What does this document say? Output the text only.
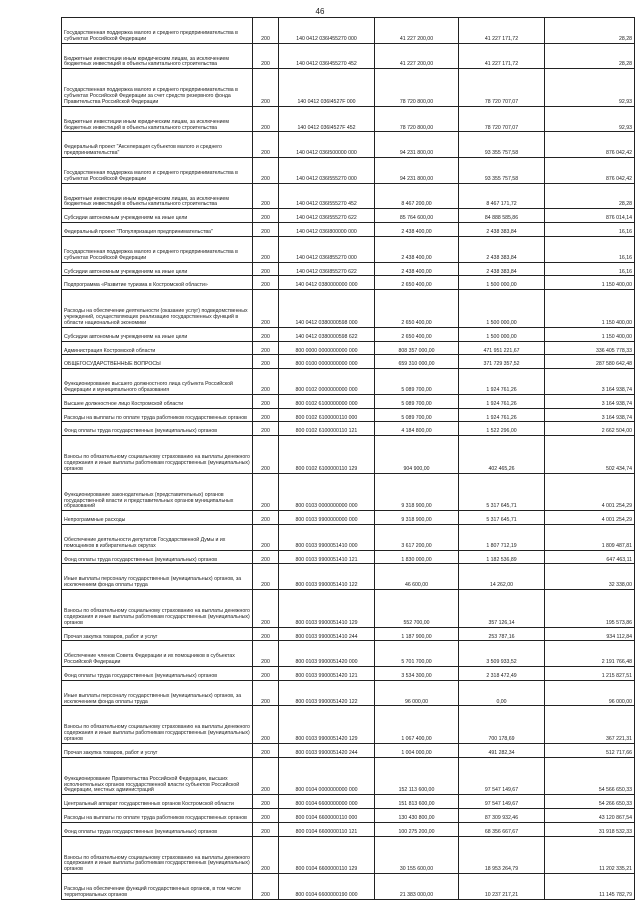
46
Государственная поддержка малого и среднего предпринимательства в субъектах Российской Федерации	200	140 0412 036I455270 000	41 227 200,00	41 227 171,72	28,28
Бюджетные инвестиции иным юридическим лицам, за исключением бюджетных инвестиций в объекты капитального строительства	200	140 0412 036I455270 452	41 227 200,00	41 227 171,72	28,28
Государственная поддержка малого и среднего предпринимательства в субъектах Российской Федерации за счет средств резервного фонда Правительства Российской Федерации	200	140 0412 036I4527F 000	78 720 800,00	78 720 707,07	92,93
Бюджетные инвестиции иным юридическим лицам, за исключением бюджетных инвестиций в объекты капитального строительства	200	140 0412 036I4527F 452	78 720 800,00	78 720 707,07	92,93
Федеральный проект "Акселерация субъектов малого и среднего предпринимательства"	200	140 0412 036I500000 000	94 231 800,00	93 355 757,58	876 042,42
Государственная поддержка малого и среднего предпринимательства в субъектах Российской Федерации	200	140 0412 036I555270 000	94 231 800,00	93 355 757,58	876 042,42
Бюджетные инвестиции иным юридическим лицам, за исключением бюджетных инвестиций в объекты капитального строительства	200	140 0412 036I555270 452	8 467 200,00	8 467 171,72	28,28
Субсидии автономным учреждениям на иные цели	200	140 0412 036I555270 622	85 764 600,00	84 888 585,86	876 014,14
Федеральный проект "Популяризация предпринимательства"	200	140 0412 036I800000 000	2 438 400,00	2 438 383,84	16,16
Государственная поддержка малого и среднего предпринимательства в субъектах Российской Федерации	200	140 0412 036I855270 000	2 438 400,00	2 438 383,84	16,16
Субсидии автономным учреждениям на иные цели	200	140 0412 036I855270 622	2 438 400,00	2 438 383,84	16,16
Подпрограмма «Развитие туризма в Костромской области»	200	140 0412 0380000000 000	2 650 400,00	1 500 000,00	1 150 400,00
Расходы на обеспечение деятельности (оказание услуг) подведомственных учреждений, осуществляющих реализацию государственных функций в области национальной экономики	200	140 0412 0380000598 000	2 650 400,00	1 500 000,00	1 150 400,00
Субсидии автономным учреждениям на иные цели	200	140 0412 0380000598 622	2 650 400,00	1 500 000,00	1 150 400,00
Администрация Костромской области	200	800 0000 0000000000 000	808 357 000,00	471 951 221,67	336 405 778,33
ОБЩЕГОСУДАРСТВЕННЫЕ ВОПРОСЫ	200	800 0100 0000000000 000	659 310 000,00	371 729 357,52	287 580 642,48
Функционирование высшего должностного лица субъекта Российской Федерации и муниципального образования	200	800 0102 0000000000 000	5 089 700,00	1 924 761,26	3 164 938,74
Высшее должностное лицо Костромской области	200	800 0102 6100000000 000	5 089 700,00	1 924 761,26	3 164 938,74
Расходы на выплаты по оплате труда работников государственных органов	200	800 0102 6100000110 000	5 089 700,00	1 924 761,26	3 164 938,74
Фонд оплаты труда государственных (муниципальных) органов	200	800 0102 6100000110 121	4 184 800,00	1 522 296,00	2 662 504,00
Взносы по обязательному социальному страхованию на выплаты денежного содержания и иные выплаты работникам государственных (муниципальных) органов	200	800 0102 6100000110 129	904 900,00	402 465,26	502 434,74
Функционирование законодательных (представительных) органов государственной власти и представительных органов муниципальных образований	200	800 0103 0000000000 000	9 318 900,00	5 317 645,71	4 001 254,29
Непрограммные расходы	200	800 0103 9900000000 000	9 318 900,00	5 317 645,71	4 001 254,29
Обеспечение деятельности депутатов Государственной Думы и их помощников в избирательных округах	200	800 0103 9900051410 000	3 617 200,00	1 807 712,19	1 809 487,81
Фонд оплаты труда государственных (муниципальных) органов	200	800 0103 9900051410 121	1 830 000,00	1 182 536,89	647 463,11
Иные выплаты персоналу государственных (муниципальных) органов, за исключением фонда оплаты труда	200	800 0103 9900051410 122	46 600,00	14 262,00	32 338,00
Взносы по обязательному социальному страхованию на выплаты денежного содержания и иные выплаты работникам государственных (муниципальных) органов	200	800 0103 9900051410 129	552 700,00	357 126,14	195 573,86
Прочая закупка товаров, работ и услуг	200	800 0103 9900051410 244	1 187 900,00	253 787,16	934 112,84
Обеспечение членов Совета Федерации и их помощников в субъектах Российской Федерации	200	800 0103 9900051420 000	5 701 700,00	3 509 933,52	2 191 766,48
Фонд оплаты труда государственных (муниципальных) органов	200	800 0103 9900051420 121	3 534 300,00	2 318 472,49	1 215 827,51
Иные выплаты персоналу государственных (муниципальных) органов, за исключением фонда оплаты труда	200	800 0103 9900051420 122	96 000,00	0,00	96 000,00
Взносы по обязательному социальному страхованию на выплаты денежного содержания и иные выплаты работникам государственных (муниципальных) органов	200	800 0103 9900051420 129	1 067 400,00	700 178,69	367 221,31
Прочая закупка товаров, работ и услуг	200	800 0103 9900051420 244	1 004 000,00	491 282,34	512 717,66
Функционирование Правительства Российской Федерации, высших исполнительных органов государственной власти субъектов Российской Федерации, местных администраций	200	800 0104 0000000000 000	152 113 600,00	97 547 149,67	54 566 650,33
Центральный аппарат государственных органов Костромской области	200	800 0104 6600000000 000	151 813 600,00	97 547 149,67	54 266 650,33
Расходы на выплаты по оплате труда работников государственных органов	200	800 0104 6600000110 000	130 430 800,00	87 309 932,46	43 120 867,54
Фонд оплаты труда государственных (муниципальных) органов	200	800 0104 6600000110 121	100 275 200,00	68 356 667,67	31 918 532,33
Взносы по обязательному социальному страхованию на выплаты денежного содержания и иные выплаты работникам государственных (муниципальных) органов	200	800 0104 6600000110 129	30 155 600,00	18 953 264,79	11 202 335,21
Расходы на обеспечение функций государственных органов, в том числе территориальных органов	200	800 0104 6600000190 000	21 383 000,00	10 237 217,21	11 145 782,79
